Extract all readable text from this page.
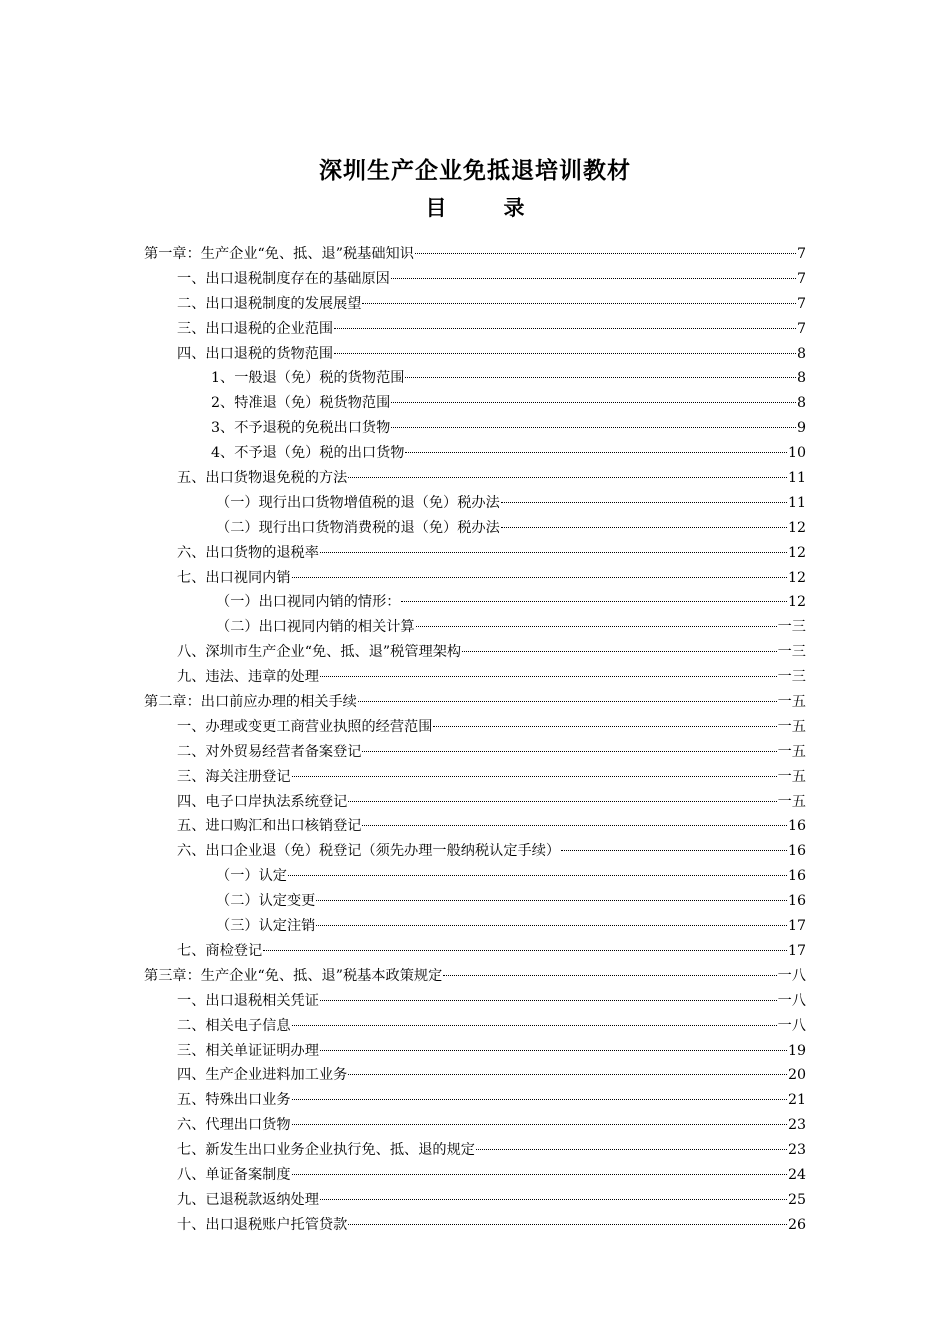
深圳生产企业免抵退培训教材
目　录
第一章：生产企业“免、抵、退”税基础知识	7
一、出口退税制度存在的基础原因	7
二、出口退税制度的发展展望	7
三、出口退税的企业范围	7
四、出口退税的货物范围	8
1、一般退（免）税的货物范围	8
2、特准退（免）税货物范围	8
3、不予退税的免税出口货物	9
4、不予退（免）税的出口货物	10
五、出口货物退免税的方法	11
（一）现行出口货物增值税的退（免）税办法	11
（二）现行出口货物消费税的退（免）税办法	12
六、出口货物的退税率	12
七、出口视同内销	12
（一）出口视同内销的情形：	12
（二）出口视同内销的相关计算	一三
八、深圳市生产企业“免、抵、退”税管理架构	一三
九、违法、违章的处理	一三
第二章：出口前应办理的相关手续	一五
一、办理或变更工商营业执照的经营范围	一五
二、对外贸易经营者备案登记	一五
三、海关注册登记	一五
四、电子口岸执法系统登记	一五
五、进口购汇和出口核销登记	16
六、出口企业退（免）税登记（须先办理一般纳税认定手续）	16
（一）认定	16
（二）认定变更	16
（三）认定注销	17
七、商检登记	17
第三章：生产企业“免、抵、退”税基本政策规定	一八
一、出口退税相关凭证	一八
二、相关电子信息	一八
三、相关单证证明办理	19
四、生产企业进料加工业务	20
五、特殊出口业务	21
六、代理出口货物	23
七、新发生出口业务企业执行免、抵、退的规定	23
八、单证备案制度	24
九、已退税款返纳处理	25
十、出口退税账户托管贷款	26
